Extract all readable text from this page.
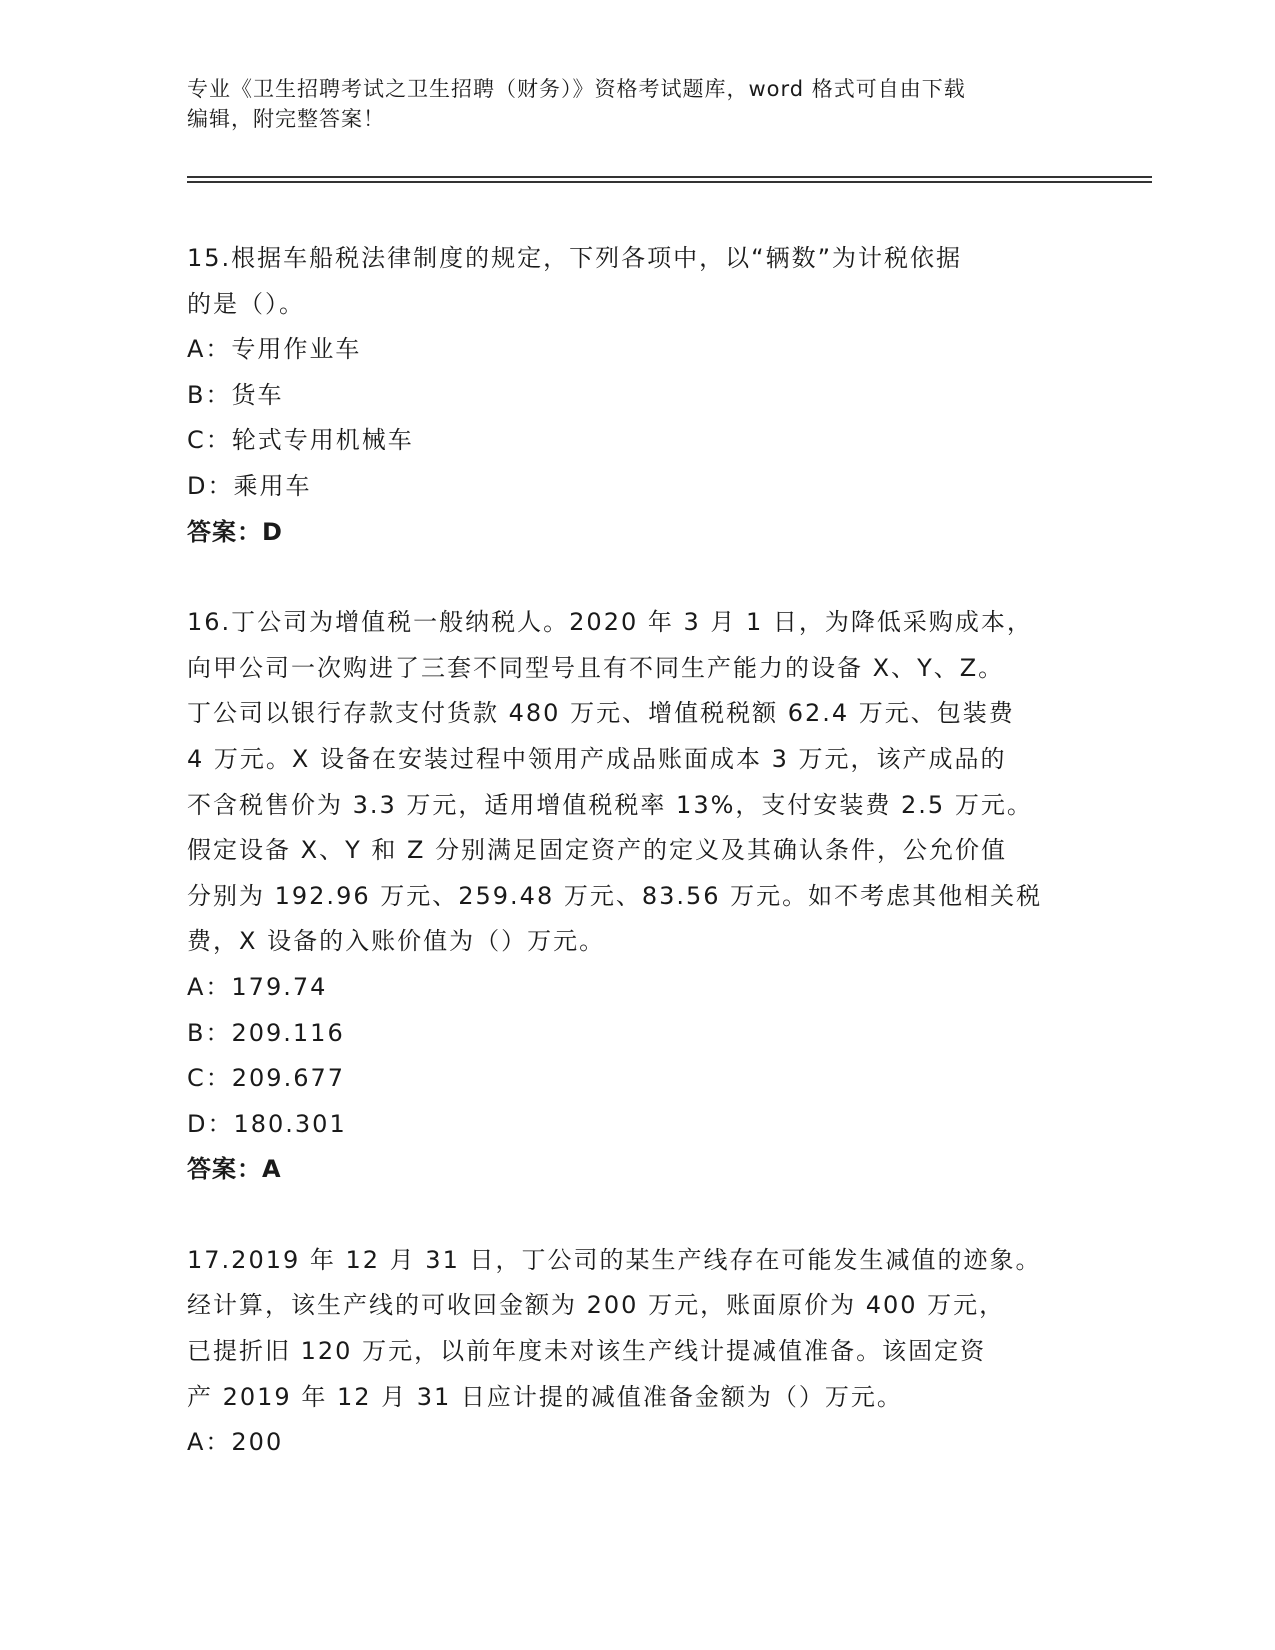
专业《卫生招聘考试之卫生招聘（财务）》资格考试题库，word 格式可自由下载
编辑，附完整答案！

15.根据车船税法律制度的规定，下列各项中，以“辆数”为计税依据

的是（）。

A：专用作业车

B：货车

C：轮式专用机械车

D：乘用车

答案：D

16.丁公司为增值税一般纳税人。2020 年 3 月 1 日，为降低采购成本，

向甲公司一次购进了三套不同型号且有不同生产能力的设备 X、Y、Z。

丁公司以银行存款支付货款 480 万元、增值税税额 62.4 万元、包装费

4 万元。X 设备在安装过程中领用产成品账面成本 3 万元，该产成品的

不含税售价为 3.3 万元，适用增值税税率 13%，支付安装费 2.5 万元。

假定设备 X、Y 和 Z 分别满足固定资产的定义及其确认条件，公允价值

分别为 192.96 万元、259.48 万元、83.56 万元。如不考虑其他相关税

费，X 设备的入账价值为（）万元。

A：179.74

B：209.116

C：209.677

D：180.301

答案：A

17.2019 年 12 月 31 日，丁公司的某生产线存在可能发生减值的迹象。

经计算，该生产线的可收回金额为 200 万元，账面原价为 400 万元，

已提折旧 120 万元，以前年度未对该生产线计提减值准备。该固定资

产 2019 年 12 月 31 日应计提的减值准备金额为（）万元。

A：200
